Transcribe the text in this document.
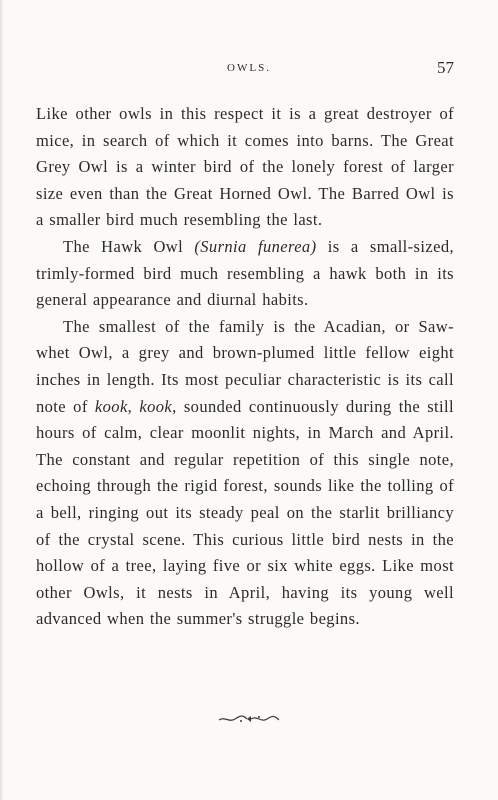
OWLS.	57

Like other owls in this respect it is a great destroyer of mice, in search of which it comes into barns. The Great Grey Owl is a winter bird of the lonely forest of larger size even than the Great Horned Owl. The Barred Owl is a smaller bird much resembling the last.

The Hawk Owl (Surnia funerea) is a small-sized, trimly-formed bird much resembling a hawk both in its general appearance and diurnal habits.

The smallest of the family is the Acadian, or Saw-whet Owl, a grey and brown-plumed little fellow eight inches in length. Its most peculiar characteristic is its call note of kook, kook, sounded continuously during the still hours of calm, clear moonlit nights, in March and April. The constant and regular repetition of this single note, echoing through the rigid forest, sounds like the tolling of a bell, ringing out its steady peal on the starlit brilliancy of the crystal scene. This curious little bird nests in the hollow of a tree, laying five or six white eggs. Like most other Owls, it nests in April, having its young well advanced when the summer's struggle begins.
